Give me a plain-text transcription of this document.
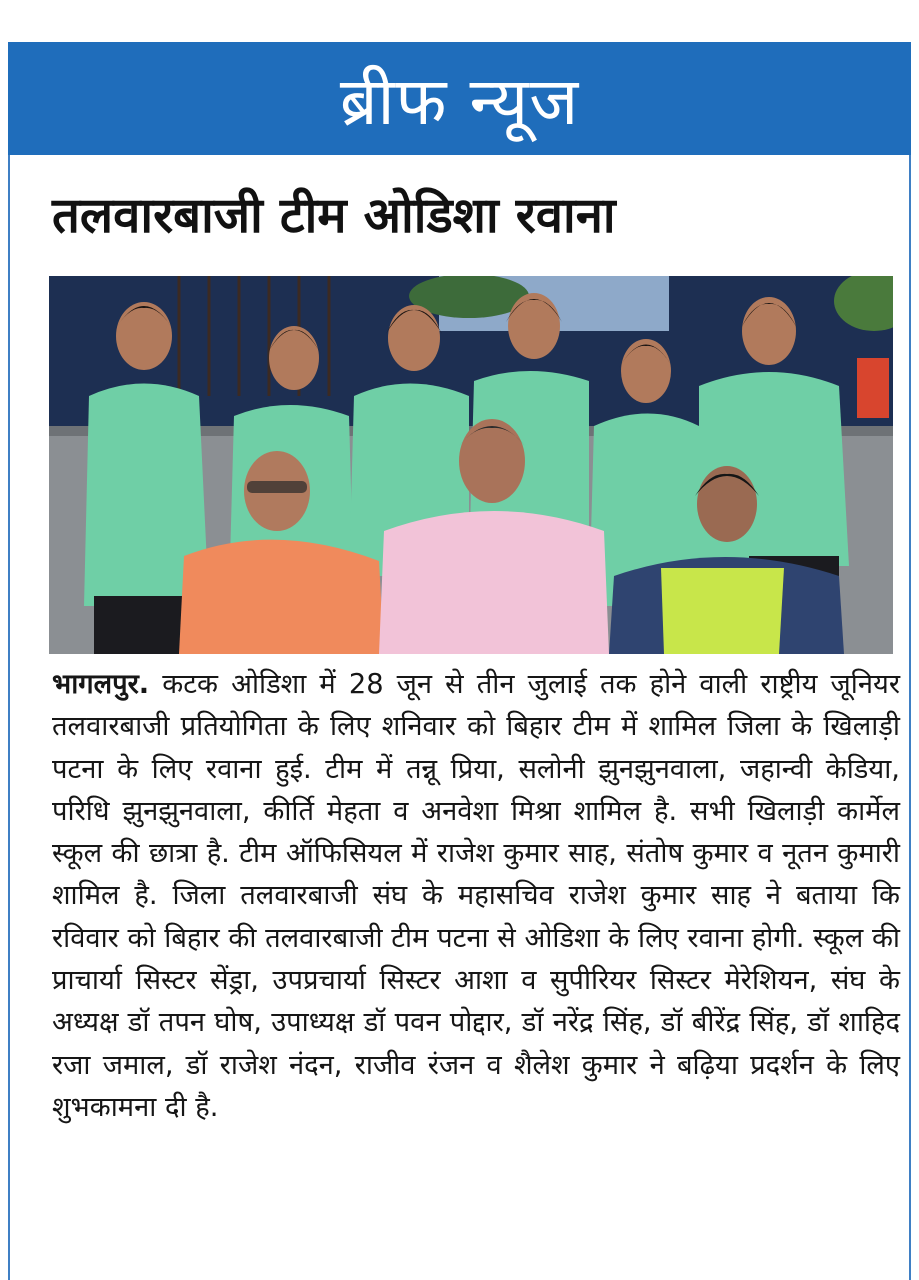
ब्रीफ न्यूज
तलवारबाजी टीम ओडिशा रवाना
भागलपुर. कटक ओडिशा में 28 जून से तीन जुलाई तक होने वाली राष्ट्रीय जूनियर तलवारबाजी प्रतियोगिता के लिए शनिवार को बिहार टीम में शामिल जिला के खिलाड़ी पटना के लिए रवाना हुई. टीम में तन्नू प्रिया, सलोनी झुनझुनवाला, जहान्वी केडिया, परिधि झुनझुनवाला, कीर्ति मेहता व अनवेशा मिश्रा शामिल है. सभी खिलाड़ी कार्मेल स्कूल की छात्रा है. टीम ऑफिसियल में राजेश कुमार साह, संतोष कुमार व नूतन कुमारी शामिल है. जिला तलवारबाजी संघ के महासचिव राजेश कुमार साह ने बताया कि रविवार को बिहार की तलवारबाजी टीम पटना से ओडिशा के लिए रवाना होगी. स्कूल की प्राचार्या सिस्टर सेंड्रा, उपप्रचार्या सिस्टर आशा व सुपीरियर सिस्टर मेरेशियन, संघ के अध्यक्ष डॉ तपन घोष, उपाध्यक्ष डॉ पवन पोद्दार, डॉ नरेंद्र सिंह, डॉ बीरेंद्र सिंह, डॉ शाहिद रजा जमाल, डॉ राजेश नंदन, राजीव रंजन व शैलेश कुमार ने बढ़िया प्रदर्शन के लिए शुभकामना दी है.
